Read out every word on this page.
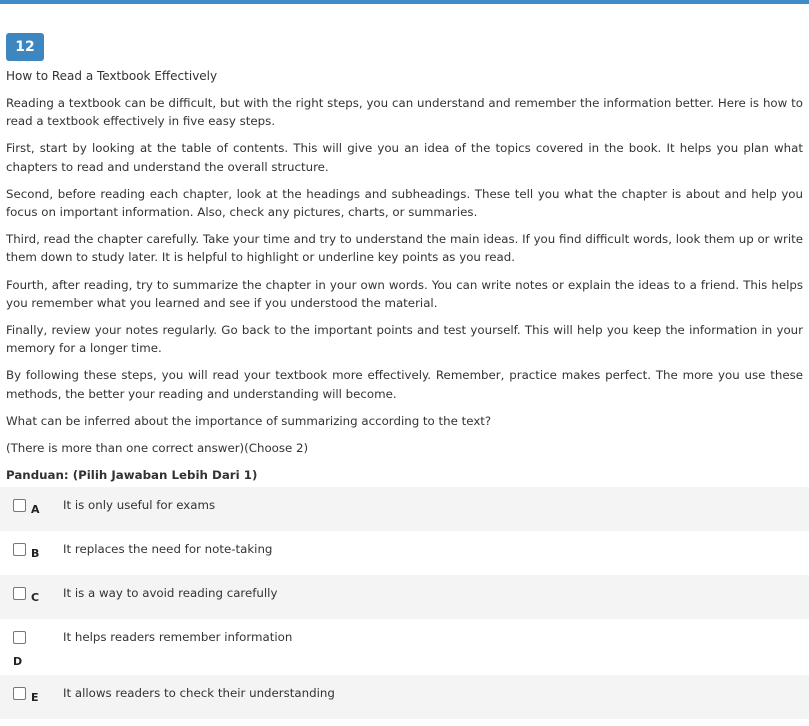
12
How to Read a Textbook Effectively

Reading a textbook can be difficult, but with the right steps, you can understand and remember the information better. Here is how to read a textbook effectively in five easy steps.

First, start by looking at the table of contents. This will give you an idea of the topics covered in the book. It helps you plan what chapters to read and understand the overall structure.

Second, before reading each chapter, look at the headings and subheadings. These tell you what the chapter is about and help you focus on important information. Also, check any pictures, charts, or summaries.

Third, read the chapter carefully. Take your time and try to understand the main ideas. If you find difficult words, look them up or write them down to study later. It is helpful to highlight or underline key points as you read.

Fourth, after reading, try to summarize the chapter in your own words. You can write notes or explain the ideas to a friend. This helps you remember what you learned and see if you understood the material.

Finally, review your notes regularly. Go back to the important points and test yourself. This will help you keep the information in your memory for a longer time.

By following these steps, you will read your textbook more effectively. Remember, practice makes perfect. The more you use these methods, the better your reading and understanding will become.

What can be inferred about the importance of summarizing according to the text?

(There is more than one correct answer)(Choose 2)

Panduan: (Pilih Jawaban Lebih Dari 1)

A It is only useful for exams
B It replaces the need for note-taking
C It is a way to avoid reading carefully
D
It helps readers remember information
E It allows readers to check their understanding
